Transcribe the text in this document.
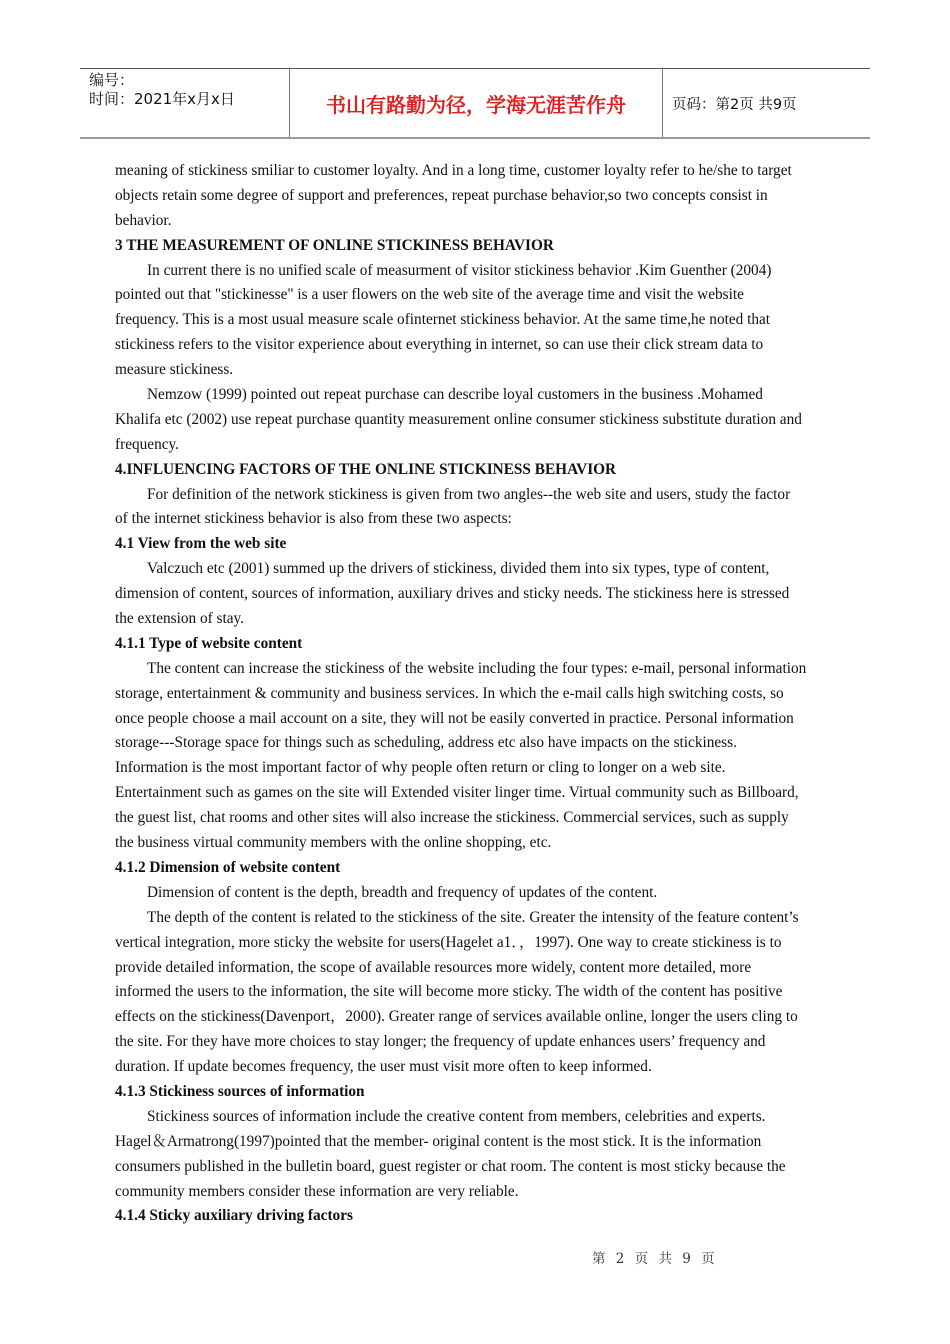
编号：
时间：2021年x月x日	书山有路勤为径，学海无涯苦作舟	页码：第2页 共9页
meaning of stickiness smiliar to customer loyalty. And in a long time, customer loyalty refer to he/she to target
objects retain some degree of support and preferences, repeat purchase behavior,so two concepts consist in
behavior.
3 THE MEASUREMENT OF ONLINE STICKINESS BEHAVIOR
In current there is no unified scale of measurment of visitor stickiness behavior .Kim Guenther (2004)
pointed out that "stickinesse" is a user flowers on the web site of the average time and visit the website
frequency. This is a most usual measure scale ofinternet stickiness behavior. At the same time,he noted that
stickiness refers to the visitor experience about everything in internet, so can use their click stream data to
measure stickiness.
Nemzow (1999) pointed out repeat purchase can describe loyal customers in the business .Mohamed
Khalifa etc (2002) use repeat purchase quantity measurement online consumer stickiness substitute duration and
frequency.
4.INFLUENCING FACTORS OF THE ONLINE STICKINESS BEHAVIOR
For definition of the network stickiness is given from two angles--the web site and users, study the factor
of the internet stickiness behavior is also from these two aspects:
4.1 View from the web site
Valczuch etc (2001) summed up the drivers of stickiness, divided them into six types, type of content,
dimension of content, sources of information, auxiliary drives and sticky needs. The stickiness here is stressed
the extension of stay.
4.1.1 Type of website content
The content can increase the stickiness of the website including the four types: e-mail, personal information
storage, entertainment & community and business services. In which the e-mail calls high switching costs, so
once people choose a mail account on a site, they will not be easily converted in practice. Personal information
storage---Storage space for things such as scheduling, address etc also have impacts on the stickiness.
Information is the most important factor of why people often return or cling to longer on a web site.
Entertainment such as games on the site will Extended visiter linger time. Virtual community such as Billboard,
the guest list, chat rooms and other sites will also increase the stickiness. Commercial services, such as supply
the business virtual community members with the online shopping, etc.
4.1.2 Dimension of website content
Dimension of content is the depth, breadth and frequency of updates of the content.
The depth of the content is related to the stickiness of the site. Greater the intensity of the feature content’s
vertical integration, more sticky the website for users(Hagelet a1．，1997). One way to create stickiness is to
provide detailed information, the scope of available resources more widely, content more detailed, more
informed the users to the information, the site will become more sticky. The width of the content has positive
effects on the stickiness(Davenport，2000). Greater range of services available online, longer the users cling to
the site. For they have more choices to stay longer; the frequency of update enhances users’ frequency and
duration. If update becomes frequency, the user must visit more often to keep informed.
4.1.3 Stickiness sources of information
Stickiness sources of information include the creative content from members, celebrities and experts.
Hagel＆Armatrong(1997)pointed that the member- original content is the most stick. It is the information
consumers published in the bulletin board, guest register or chat room. The content is most sticky because the
community members consider these information are very reliable.
4.1.4 Sticky auxiliary driving factors
第 2 页 共 9 页
